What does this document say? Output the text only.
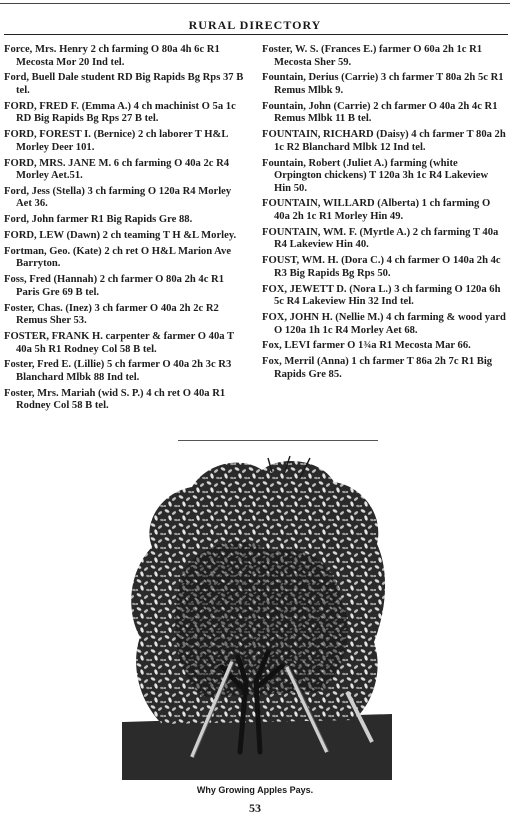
RURAL DIRECTORY

Force, Mrs. Henry 2 ch farming O 80a 4h 6c R1 Mecosta Mor 20 Ind tel.

Ford, Buell Dale student RD Big Rapids Bg Rps 37 B tel.

FORD, FRED F. (Emma A.) 4 ch machinist O 5a 1c RD Big Rapids Bg Rps 27 B tel.

FORD, FOREST I. (Bernice) 2 ch laborer T H&L Morley Deer 101.

FORD, MRS. JANE M. 6 ch farming O 40a 2c R4 Morley Aet.51.

Ford, Jess (Stella) 3 ch farming O 120a R4 Morley Aet 36.

Ford, John farmer R1 Big Rapids Gre 88.

FORD, LEW (Dawn) 2 ch teaming T H &L Morley.

Fortman, Geo. (Kate) 2 ch ret O H&L Marion Ave Barryton.

Foss, Fred (Hannah) 2 ch farmer O 80a 2h 4c R1 Paris Gre 69 B tel.

Foster, Chas. (Inez) 3 ch farmer O 40a 2h 2c R2 Remus Sher 53.

FOSTER, FRANK H. carpenter & farmer O 40a T 40a 5h R1 Rodney Col 58 B tel.

Foster, Fred E. (Lillie) 5 ch farmer O 40a 2h 3c R3 Blanchard Mlbk 88 Ind tel.

Foster, Mrs. Mariah (wid S. P.) 4 ch ret O 40a R1 Rodney Col 58 B tel.

Foster, W. S. (Frances E.) farmer O 60a 2h 1c R1 Mecosta Sher 59.

Fountain, Derius (Carrie) 3 ch farmer T 80a 2h 5c R1 Remus Mlbk 9.

Fountain, John (Carrie) 2 ch farmer O 40a 2h 4c R1 Remus Mlbk 11 B tel.

FOUNTAIN, RICHARD (Daisy) 4 ch farmer T 80a 2h 1c R2 Blanchard Mlbk 12 Ind tel.

Fountain, Robert (Juliet A.) farming (white Orpington chickens) T 120a 3h 1c R4 Lakeview Hin 50.

FOUNTAIN, WILLARD (Alberta) 1 ch farming O 40a 2h 1c R1 Morley Hin 49.

FOUNTAIN, WM. F. (Myrtle A.) 2 ch farming T 40a R4 Lakeview Hin 40.

FOUST, WM. H. (Dora C.) 4 ch farmer O 140a 2h 4c R3 Big Rapids Bg Rps 50.

FOX, JEWETT D. (Nora L.) 3 ch farming O 120a 6h 5c R4 Lakeview Hin 32 Ind tel.

FOX, JOHN H. (Nellie M.) 4 ch farming & wood yard O 120a 1h 1c R4 Morley Aet 68.

Fox, LEVI farmer O 1¾a R1 Mecosta Mar 66.

Fox, Merril (Anna) 1 ch farmer T 86a 2h 7c R1 Big Rapids Gre 85.

Why Growing Apples Pays.
53
